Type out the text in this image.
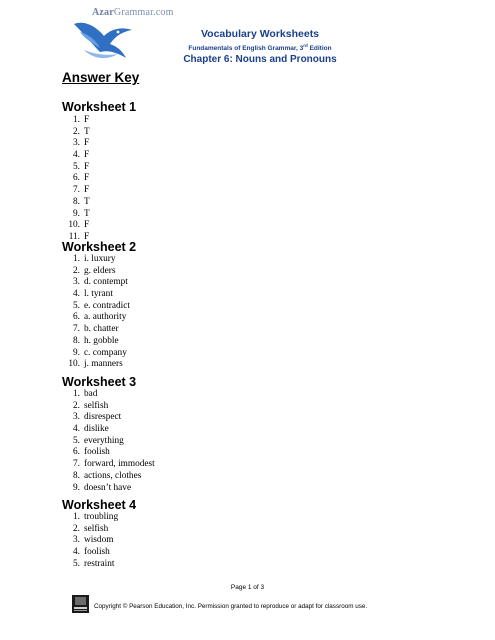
AzarGrammar.com
Vocabulary Worksheets
Fundamentals of English Grammar, 3rd Edition
Chapter 6: Nouns and Pronouns
Answer Key
Worksheet 1
1. F
2. T
3. F
4. F
5. F
6. F
7. F
8. T
9. T
10. F
11. F
Worksheet 2
1. i. luxury
2. g. elders
3. d. contempt
4. l. tyrant
5. e. contradict
6. a. authority
7. b. chatter
8. h. gobble
9. c. company
10. j. manners
Worksheet 3
1. bad
2. selfish
3. disrespect
4. dislike
5. everything
6. foolish
7. forward, immodest
8. actions, clothes
9. doesn’t have
Worksheet 4
1. troubling
2. selfish
3. wisdom
4. foolish
5. restraint
Page 1 of 3
Copyright © Pearson Education, Inc. Permission granted to reproduce or adapt for classroom use.
